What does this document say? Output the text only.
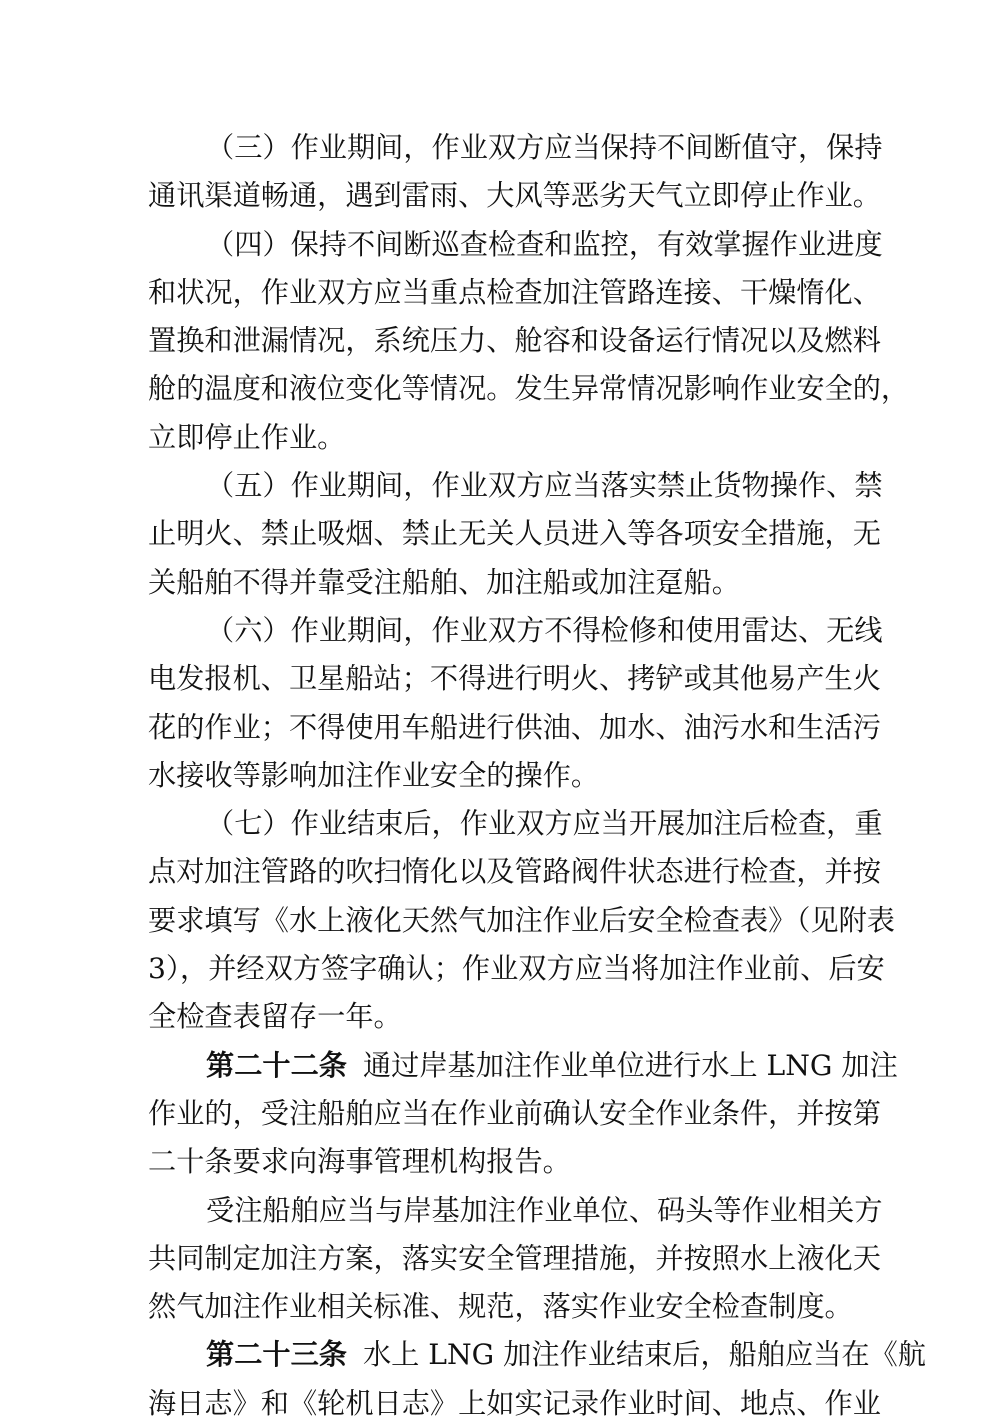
（三）作业期间，作业双方应当保持不间断值守，保持
通讯渠道畅通，遇到雷雨、大风等恶劣天气立即停止作业。
（四）保持不间断巡查检查和监控，有效掌握作业进度
和状况，作业双方应当重点检查加注管路连接、干燥惰化、
置换和泄漏情况，系统压力、舱容和设备运行情况以及燃料
舱的温度和液位变化等情况。发生异常情况影响作业安全的，
立即停止作业。
（五）作业期间，作业双方应当落实禁止货物操作、禁
止明火、禁止吸烟、禁止无关人员进入等各项安全措施，无
关船舶不得并靠受注船舶、加注船或加注趸船。
（六）作业期间，作业双方不得检修和使用雷达、无线
电发报机、卫星船站；不得进行明火、拷铲或其他易产生火
花的作业；不得使用车船进行供油、加水、油污水和生活污
水接收等影响加注作业安全的操作。
（七）作业结束后，作业双方应当开展加注后检查，重
点对加注管路的吹扫惰化以及管路阀件状态进行检查，并按
要求填写《水上液化天然气加注作业后安全检查表》（见附表
3），并经双方签字确认；作业双方应当将加注作业前、后安
全检查表留存一年。
第二十二条 通过岸基加注作业单位进行水上 LNG 加注
作业的，受注船舶应当在作业前确认安全作业条件，并按第
二十条要求向海事管理机构报告。
受注船舶应当与岸基加注作业单位、码头等作业相关方
共同制定加注方案，落实安全管理措施，并按照水上液化天
然气加注作业相关标准、规范，落实作业安全检查制度。
第二十三条 水上 LNG 加注作业结束后，船舶应当在《航
海日志》和《轮机日志》上如实记录作业时间、地点、作业
